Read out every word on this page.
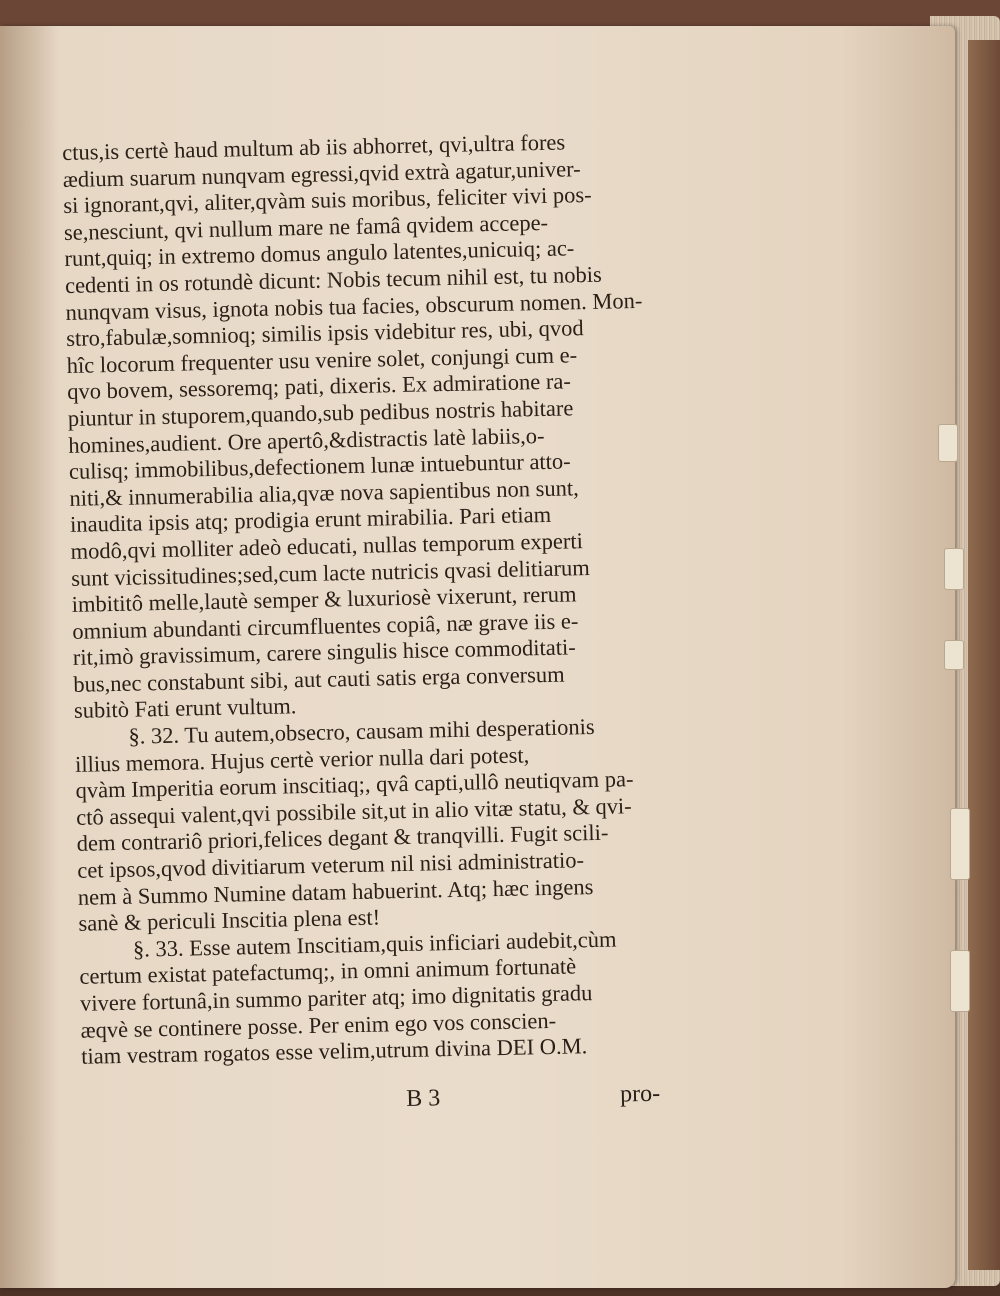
ctus,is certè haud multum ab iis abhorret, qvi,ultra fores
ædium suarum nunqvam egressi,qvid extrà agatur,univer-
si ignorant,qvi, aliter,qvàm suis moribus, feliciter vivi pos-
se,nesciunt, qvi nullum mare ne famâ qvidem accepe-
runt,quiq; in extremo domus angulo latentes,unicuiq; ac-
cedenti in os rotundè dicunt: Nobis tecum nihil est, tu nobis
nunqvam visus, ignota nobis tua facies, obscurum nomen. Mon-
stro,fabulæ,somnioq; similis ipsis videbitur res, ubi, qvod
hîc locorum frequenter usu venire solet, conjungi cum e-
qvo bovem, sessoremq; pati, dixeris. Ex admiratione ra-
piuntur in stuporem,quando,sub pedibus nostris habitare
homines,audient. Ore apertô,&distractis latè labiis,o-
culisq; immobilibus,defectionem lunæ intuebuntur atto-
niti,& innumerabilia alia,qvæ nova sapientibus non sunt,
inaudita ipsis atq; prodigia erunt mirabilia. Pari etiam
modô,qvi molliter adeò educati, nullas temporum experti
sunt vicissitudines;sed,cum lacte nutricis qvasi delitiarum
imbititô melle,lautè semper & luxuriosè vixerunt, rerum
omnium abundanti circumfluentes copiâ, næ grave iis e-
rit,imò gravissimum, carere singulis hisce commoditati-
bus,nec constabunt sibi, aut cauti satis erga conversum
subitò Fati erunt vultum.
§. 32. Tu autem,obsecro, causam mihi desperationis
illius memora. Hujus certè verior nulla dari potest,
qvàm Imperitia eorum inscitiaq;, qvâ capti,ullô neutiqvam pa-
ctô assequi valent,qvi possibile sit,ut in alio vitæ statu, & qvi-
dem contrariô priori,felices degant & tranqvilli. Fugit scili-
cet ipsos,qvod divitiarum veterum nil nisi administratio-
nem à Summo Numine datam habuerint. Atq; hæc ingens
sanè & periculi Inscitia plena est!
§. 33. Esse autem Inscitiam,quis inficiari audebit,cùm
certum existat patefactumq;, in omni animum fortunatè
vivere fortunâ,in summo pariter atq; imo dignitatis gradu
æqvè se continere posse. Per enim ego vos conscien-
tiam vestram rogatos esse velim,utrum divina DEI O.M.
B 3	pro-
